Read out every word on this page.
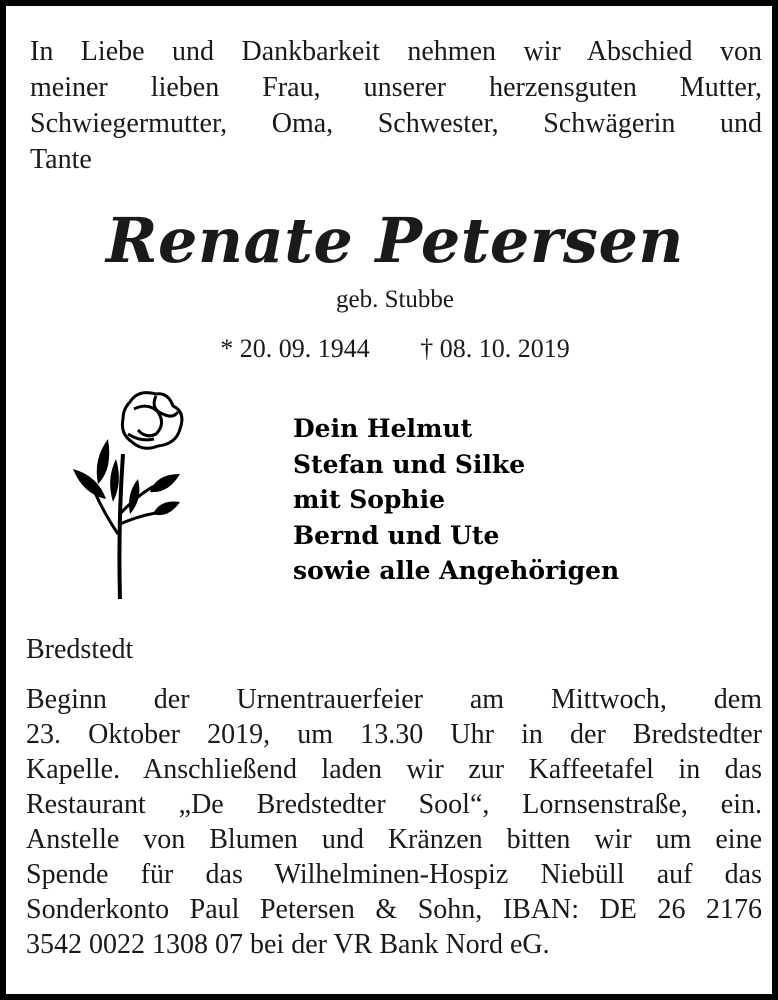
In Liebe und Dankbarkeit nehmen wir Abschied von
meiner lieben Frau, unserer herzensguten Mutter,
Schwiegermutter, Oma, Schwester, Schwägerin und
Tante
Renate Petersen
geb. Stubbe
* 20. 09. 1944 † 08. 10. 2019
Dein Helmut
Stefan und Silke
mit Sophie
Bernd und Ute
sowie alle Angehörigen
Bredstedt
Beginn der Urnentrauerfeier am Mittwoch, dem
23. Oktober 2019, um 13.30 Uhr in der Bredstedter
Kapelle. Anschließend laden wir zur Kaffeetafel in das
Restaurant „De Bredstedter Sool“, Lornsenstraße, ein.
Anstelle von Blumen und Kränzen bitten wir um eine
Spende für das Wilhelminen-Hospiz Niebüll auf das
Sonderkonto Paul Petersen & Sohn, IBAN: DE 26 2176
3542 0022 1308 07 bei der VR Bank Nord eG.
